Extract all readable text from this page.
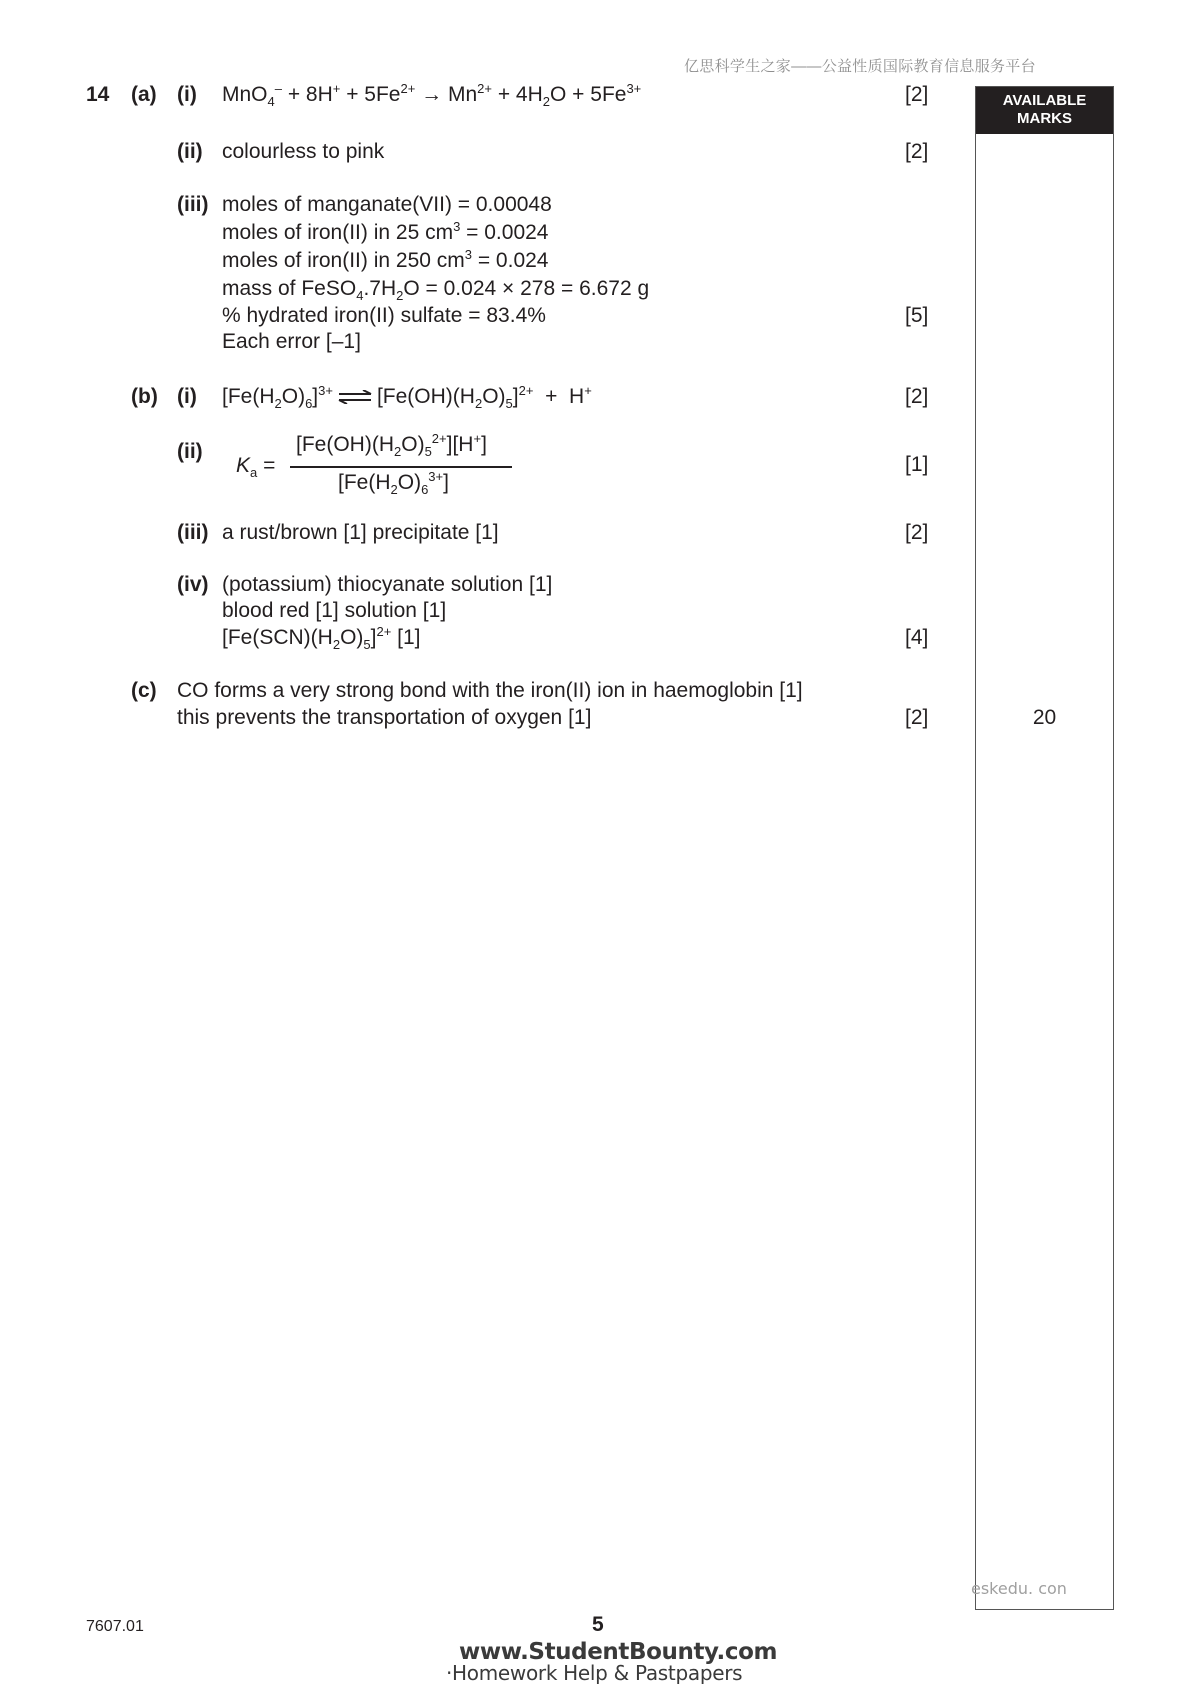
亿思科学生之家——公益性质国际教育信息服务平台
AVAILABLE
MARKS
20
14 (a) (i) $MnO_4^- + 8H^+ + 5Fe^{2+} \to Mn^{2+} + 4H_2O + 5Fe^{3+}$	[2]
(ii) colourless to pink	[2]
(iii) moles of manganate(VII) = 0.00048
moles of iron(II) in 25 $cm^3 = 0.0024$
moles of iron(II) in 250 $cm^3 = 0.024$
mass of $FeSO_4.7H_2O = 0.024 \times 278 = 6.672$ g
% hydrated iron(II) sulfate = 83.4%	[5]
Each error [–1]
(b) (i) $[Fe(H_2O)_6]^{3+}$ ⇌ $[Fe(OH)(H_2O)_5]^{2+} + H^+$	[2]
(ii)
$K_a$ =
$[Fe(OH)(H_2O)_5^{2+}][H^+]$
$[Fe(H_2O)_6^{3+}]$
[1]
(iii) a rust/brown [1] precipitate [1]	[2]
(iv) (potassium) thiocyanate solution [1]
blood red [1] solution [1]
$[Fe(SCN)(H_2O)_5]^{2+}$ [1]	[4]
(c) CO forms a very strong bond with the iron(II) ion in haemoglobin [1]
this prevents the transportation of oxygen [1]	[2]
eskedu. con
7607.01	5
www.StudentBounty.com
·Homework Help & Pastpapers
